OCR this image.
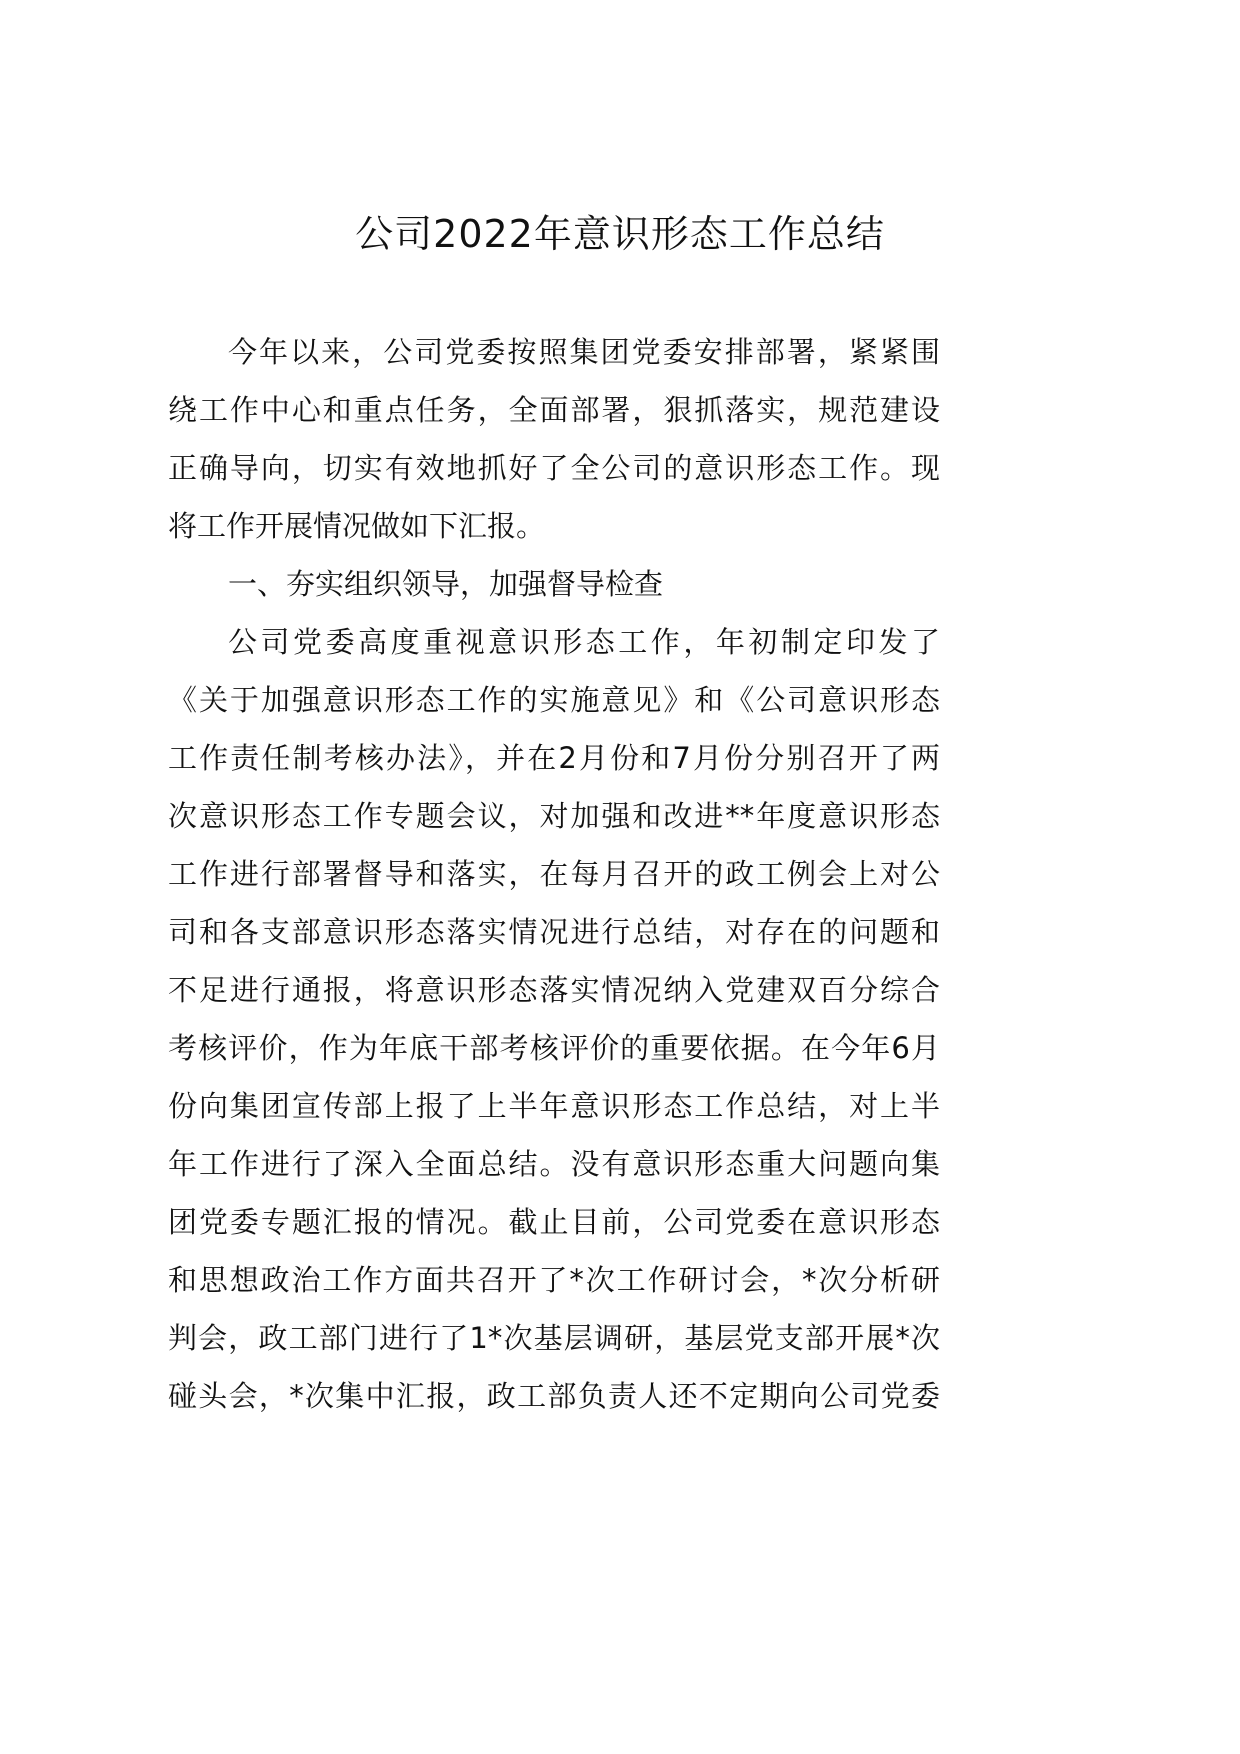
公司2022年意识形态工作总结
今年以来，公司党委按照集团党委安排部署，紧紧围
绕工作中心和重点任务，全面部署，狠抓落实，规范建设
正确导向，切实有效地抓好了全公司的意识形态工作。现
将工作开展情况做如下汇报。
一、夯实组织领导，加强督导检查
公司党委高度重视意识形态工作，年初制定印发了
《关于加强意识形态工作的实施意见》和《公司意识形态
工作责任制考核办法》，并在2月份和7月份分别召开了两
次意识形态工作专题会议，对加强和改进**年度意识形态
工作进行部署督导和落实，在每月召开的政工例会上对公
司和各支部意识形态落实情况进行总结，对存在的问题和
不足进行通报，将意识形态落实情况纳入党建双百分综合
考核评价，作为年底干部考核评价的重要依据。在今年6月
份向集团宣传部上报了上半年意识形态工作总结，对上半
年工作进行了深入全面总结。没有意识形态重大问题向集
团党委专题汇报的情况。截止目前，公司党委在意识形态
和思想政治工作方面共召开了*次工作研讨会，*次分析研
判会，政工部门进行了1*次基层调研，基层党支部开展*次
碰头会，*次集中汇报，政工部负责人还不定期向公司党委
